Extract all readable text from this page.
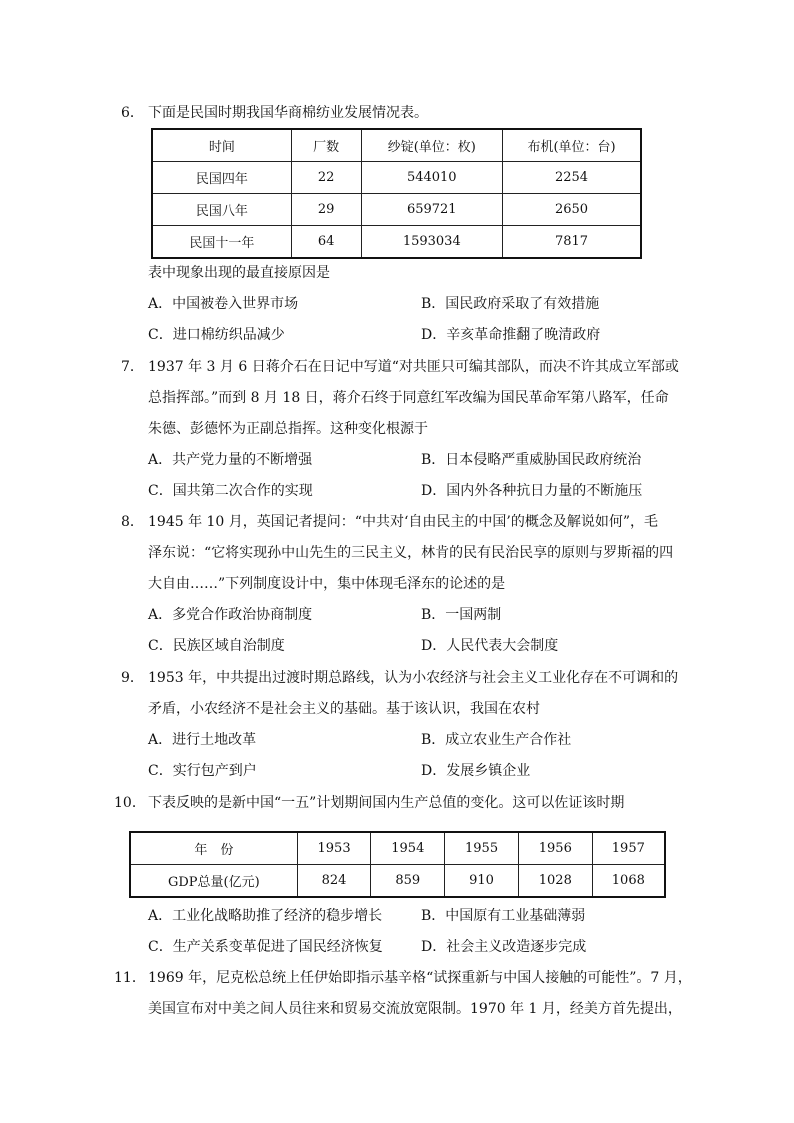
6． 下面是民国时期我国华商棉纺业发展情况表。
时间	厂数	纱锭(单位：枚)	布机(单位：台)
民国四年	22	544010	2254
民国八年	29	659721	2650
民国十一年	64	1593034	7817
表中现象出现的最直接原因是
A．中国被卷入世界市场	B．国民政府采取了有效措施
C．进口棉纺织品减少	D．辛亥革命推翻了晚清政府
7． 1937 年 3 月 6 日蒋介石在日记中写道“对共匪只可编其部队，而决不许其成立军部或
总指挥部。”而到 8 月 18 日，蒋介石终于同意红军改编为国民革命军第八路军，任命
朱德、彭德怀为正副总指挥。这种变化根源于
A．共产党力量的不断增强	B．日本侵略严重威胁国民政府统治
C．国共第二次合作的实现	D．国内外各种抗日力量的不断施压
8． 1945 年 10 月，英国记者提问：“中共对‘自由民主的中国’的概念及解说如何”，毛
泽东说：“它将实现孙中山先生的三民主义，林肯的民有民治民享的原则与罗斯福的四
大自由……”下列制度设计中，集中体现毛泽东的论述的是
A．多党合作政治协商制度	B．一国两制
C．民族区域自治制度	D．人民代表大会制度
9． 1953 年，中共提出过渡时期总路线，认为小农经济与社会主义工业化存在不可调和的
矛盾，小农经济不是社会主义的基础。基于该认识，我国在农村
A．进行土地改革	B．成立农业生产合作社
C．实行包产到户	D．发展乡镇企业
10． 下表反映的是新中国“一五”计划期间国内生产总值的变化。这可以佐证该时期
年　份	1953	1954	1955	1956	1957
GDP总量(亿元)	824	859	910	1028	1068
A．工业化战略助推了经济的稳步增长	B．中国原有工业基础薄弱
C．生产关系变革促进了国民经济恢复	D．社会主义改造逐步完成
11． 1969 年，尼克松总统上任伊始即指示基辛格“试探重新与中国人接触的可能性”。7 月，
美国宣布对中美之间人员往来和贸易交流放宽限制。1970 年 1 月，经美方首先提出，
